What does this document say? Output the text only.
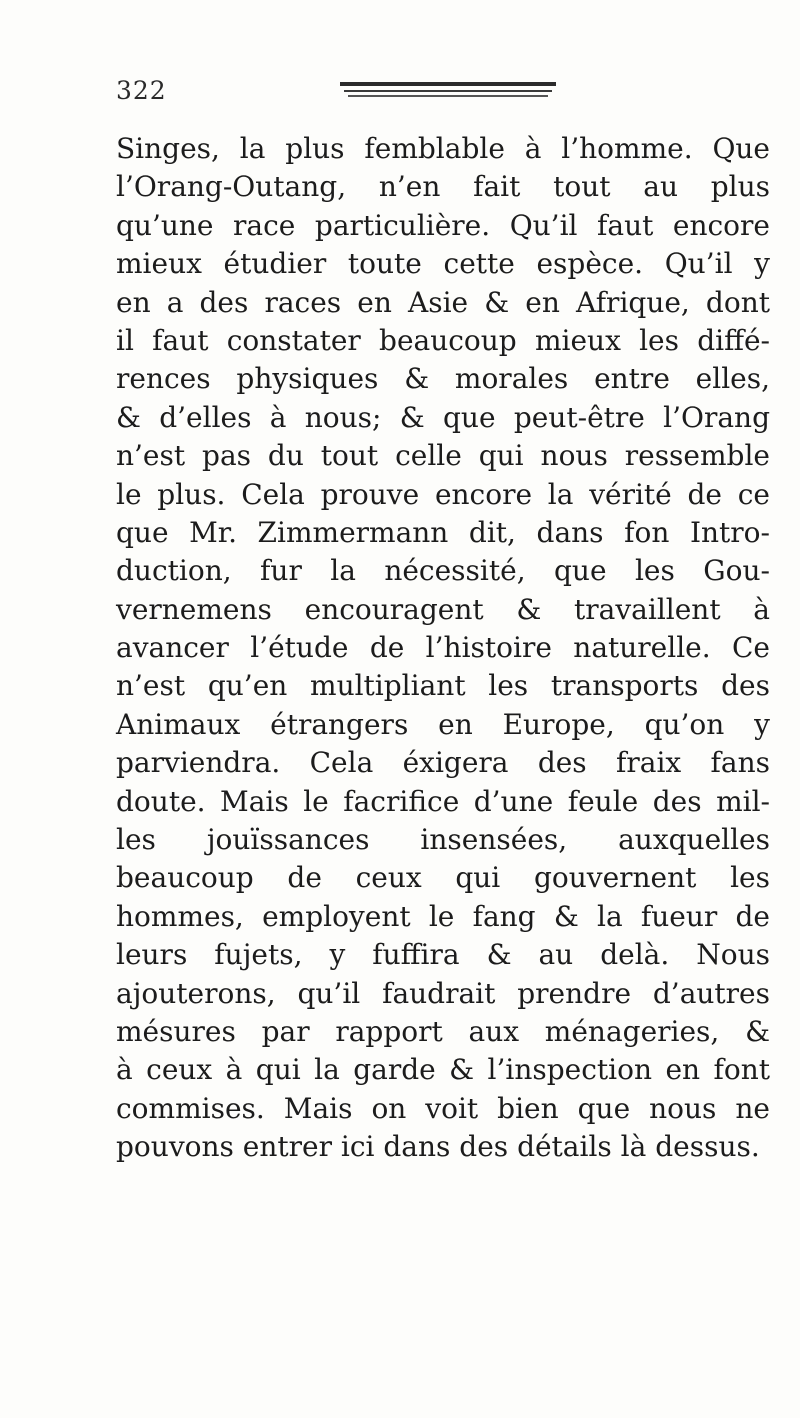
322
Singes, la plus femblable à l’homme. Que
l’Orang-Outang, n’en fait tout au plus
qu’une race particulière. Qu’il faut encore
mieux étudier toute cette espèce. Qu’il y
en a des races en Asie & en Afrique, dont
il faut constater beaucoup mieux les diffé-
rences physiques & morales entre elles,
& d’elles à nous; & que peut-être l’Orang
n’est pas du tout celle qui nous ressemble
le plus. Cela prouve encore la vérité de ce
que Mr. Zimmermann dit, dans fon Intro-
duction, fur la nécessité, que les Gou-
vernemens encouragent & travaillent à
avancer l’étude de l’histoire naturelle. Ce
n’est qu’en multipliant les transports des
Animaux étrangers en Europe, qu’on y
parviendra. Cela éxigera des fraix fans
doute. Mais le facrifice d’une feule des mil-
les jouïssances insensées, auxquelles
beaucoup de ceux qui gouvernent les
hommes, employent le fang & la fueur de
leurs fujets, y fuffira & au delà. Nous
ajouterons, qu’il faudrait prendre d’autres
mésures par rapport aux ménageries, &
à ceux à qui la garde & l’inspection en font
commises. Mais on voit bien que nous ne
pouvons entrer ici dans des détails là dessus.
